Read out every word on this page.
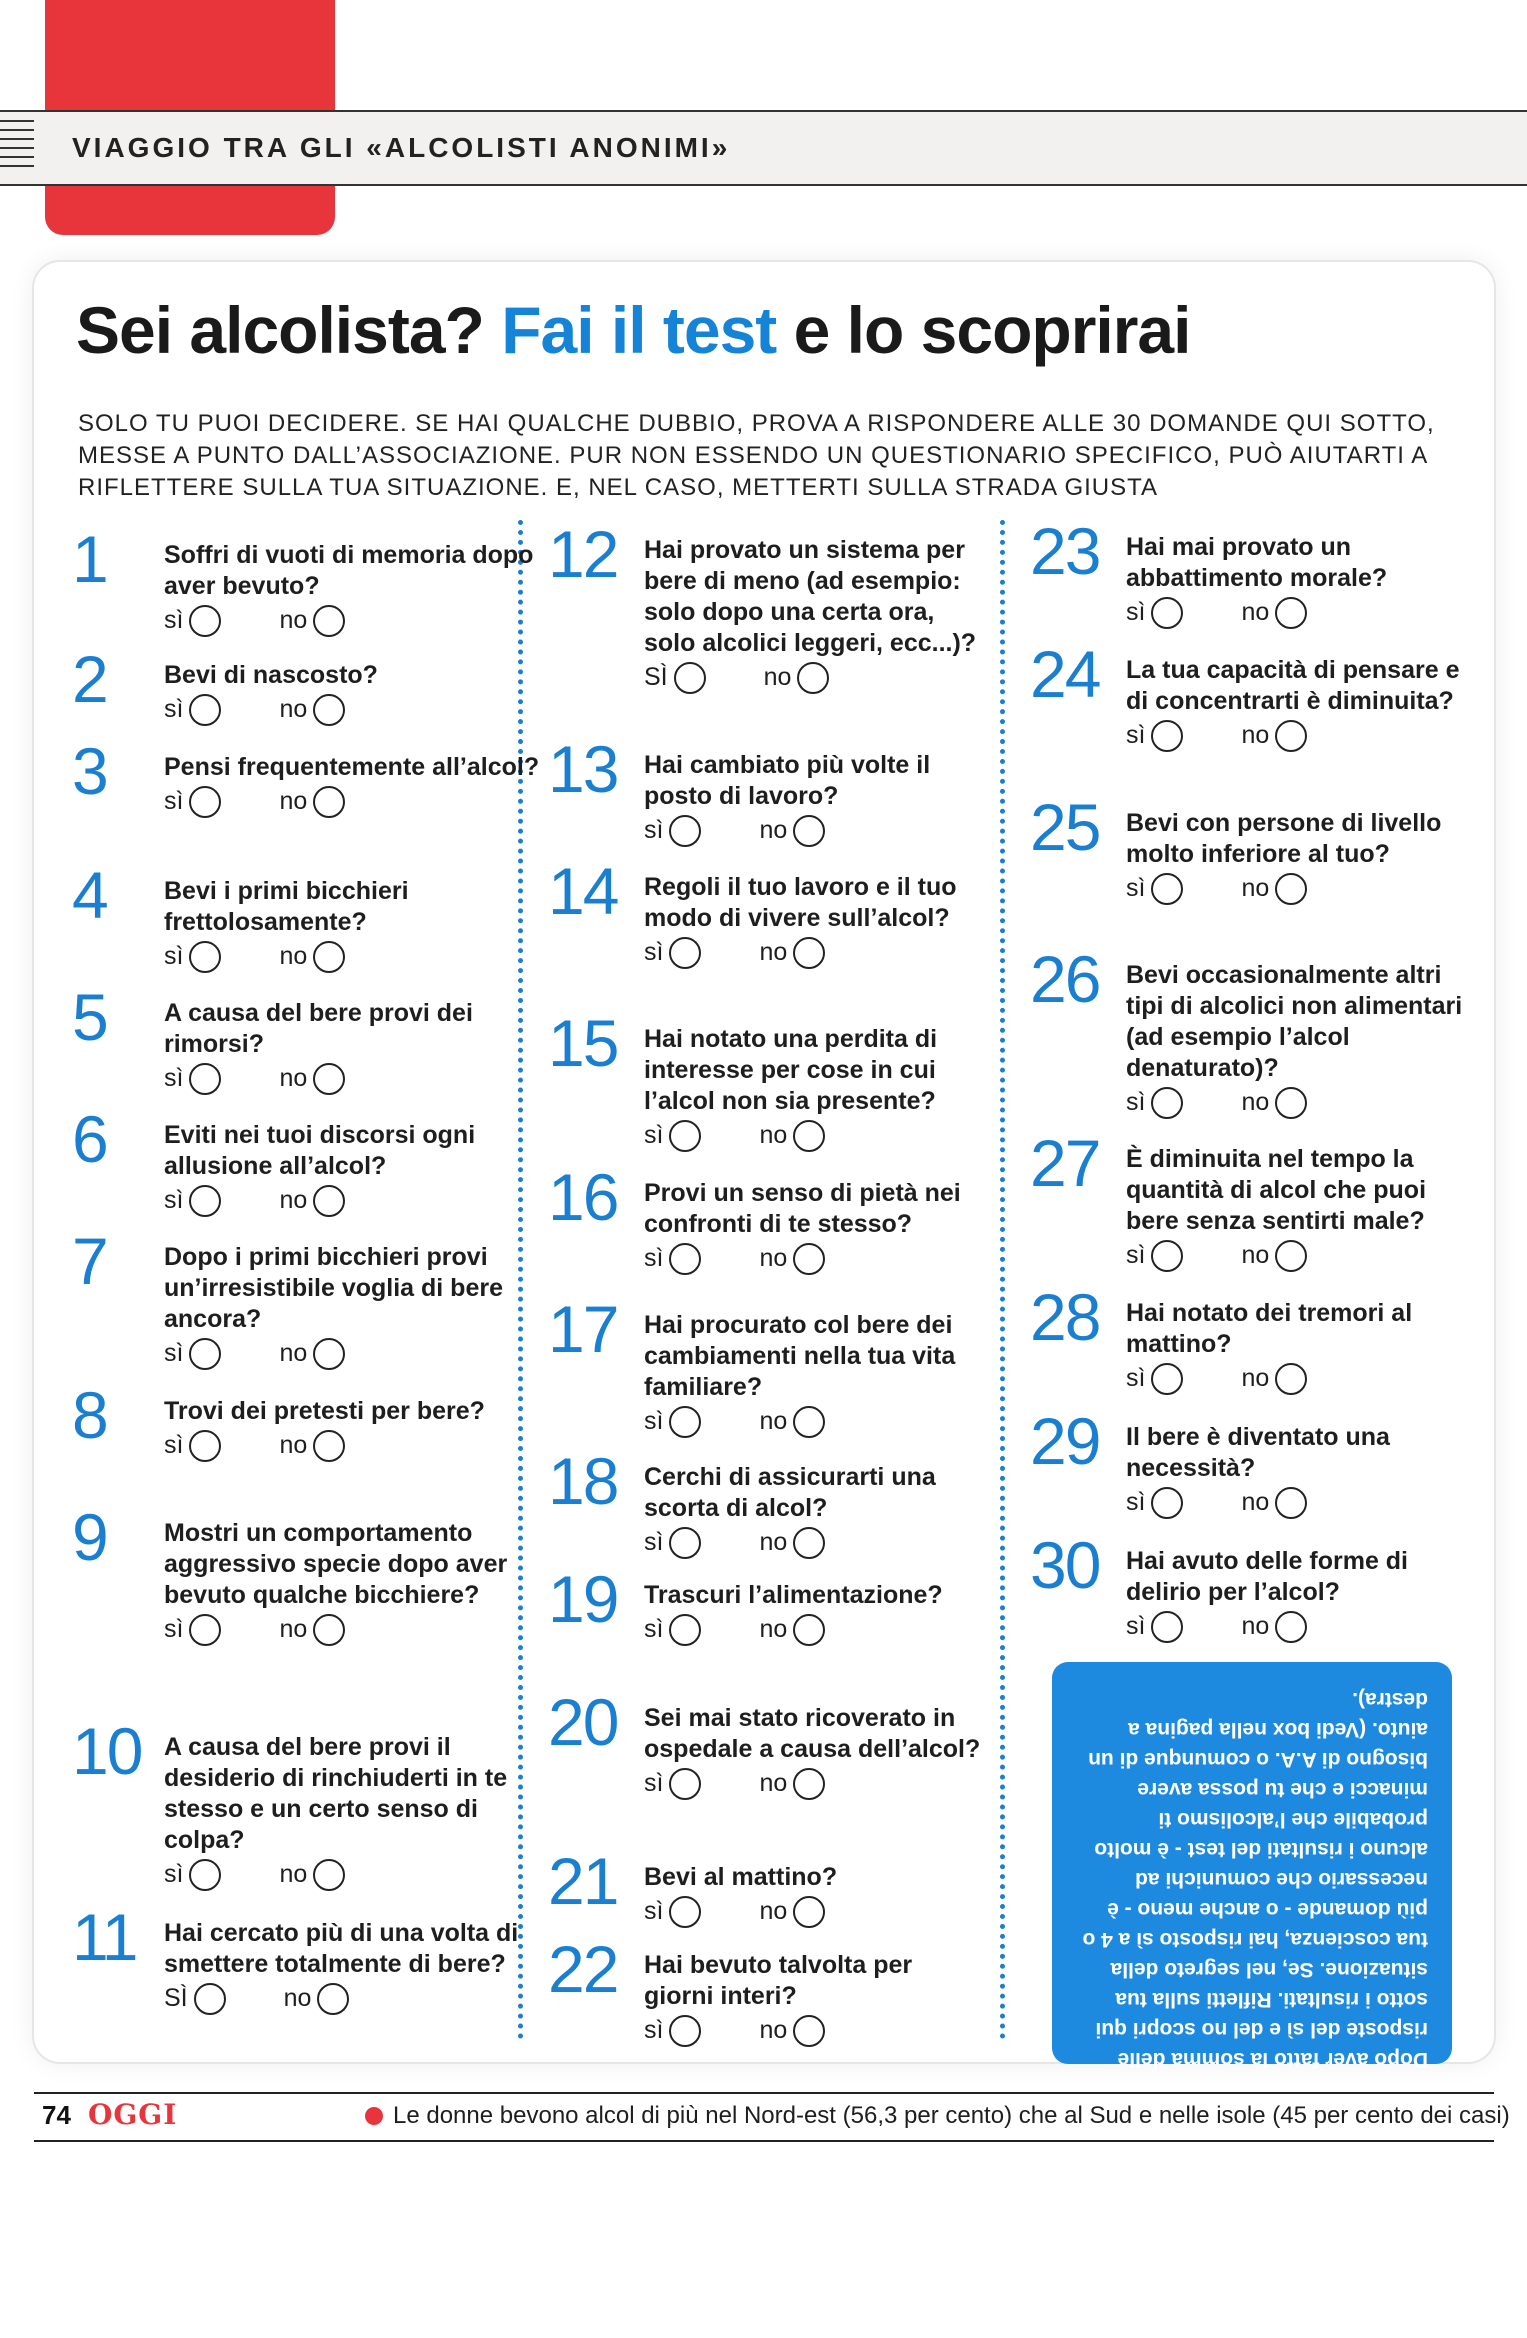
VIAGGIO TRA GLI «ALCOLISTI ANONIMI»
Sei alcolista? Fai il test e lo scoprirai
SOLO TU PUOI DECIDERE. SE HAI QUALCHE DUBBIO, PROVA A RISPONDERE ALLE 30 DOMANDE QUI SOTTO, MESSE A PUNTO DALL’ASSOCIAZIONE. PUR NON ESSENDO UN QUESTIONARIO SPECIFICO, PUÒ AIUTARTI A RIFLETTERE SULLA TUA SITUAZIONE. E, NEL CASO, METTERTI SULLA STRADA GIUSTA
1 Soffri di vuoti di memoria dopo aver bevuto?
sì	no
2 Bevi di nascosto?
sì	no
3 Pensi frequentemente all’alcol?
sì	no
4 Bevi i primi bicchieri frettolosamente?
sì	no
5 A causa del bere provi dei rimorsi?
sì	no
6 Eviti nei tuoi discorsi ogni allusione all’alcol?
sì	no
7 Dopo i primi bicchieri provi un’irresistibile voglia di bere ancora?
sì	no
8 Trovi dei pretesti per bere?
sì	no
9 Mostri un comportamento aggressivo specie dopo aver bevuto qualche bicchiere?
sì	no
10 A causa del bere provi il desiderio di rinchiuderti in te stesso e un certo senso di colpa?
sì	no
11 Hai cercato più di una volta di smettere totalmente di bere?
SÌ	no
12 Hai provato un sistema per bere di meno (ad esempio: solo dopo una certa ora, solo alcolici leggeri, ecc...)?
SÌ	no
13 Hai cambiato più volte il posto di lavoro?
sì	no
14 Regoli il tuo lavoro e il tuo modo di vivere sull’alcol?
sì	no
15 Hai notato una perdita di interesse per cose in cui l’alcol non sia presente?
sì	no
16 Provi un senso di pietà nei confronti di te stesso?
sì	no
17 Hai procurato col bere dei cambiamenti nella tua vita familiare?
sì	no
18 Cerchi di assicurarti una scorta di alcol?
sì	no
19 Trascuri l’alimentazione?
sì	no
20 Sei mai stato ricoverato in ospedale a causa dell’alcol?
sì	no
21 Bevi al mattino?
sì	no
22 Hai bevuto talvolta per giorni interi?
sì	no
23 Hai mai provato un abbattimento morale?
sì	no
24 La tua capacità di pensare e di concentrarti è diminuita?
sì	no
25 Bevi con persone di livello molto inferiore al tuo?
sì	no
26 Bevi occasionalmente altri tipi di alcolici non alimentari (ad esempio l’alcol denaturato)?
sì	no
27 È diminuita nel tempo la quantità di alcol che puoi bere senza sentirti male?
sì	no
28 Hai notato dei tremori al mattino?
sì	no
29 Il bere è diventato una necessità?
sì	no
30 Hai avuto delle forme di delirio per l’alcol?
sì	no
Dopo aver fatto la somma delle risposte del sì e del no scopri qui sotto i risultati. Rifletti sulla tua situazione. Se, nel segreto della tua coscienza, hai risposto sì a 4 o più domande - o anche meno - è necessario che comunichi ad alcuno i risultati del test - è molto probabile che l’alcolismo ti minacci e che tu possa avere bisogno di A.A. o comunque di un aiuto. (Vedi box nella pagina a destra).
74 OGGI	Le donne bevono alcol di più nel Nord-est (56,3 per cento) che al Sud e nelle isole (45 per cento dei casi)
